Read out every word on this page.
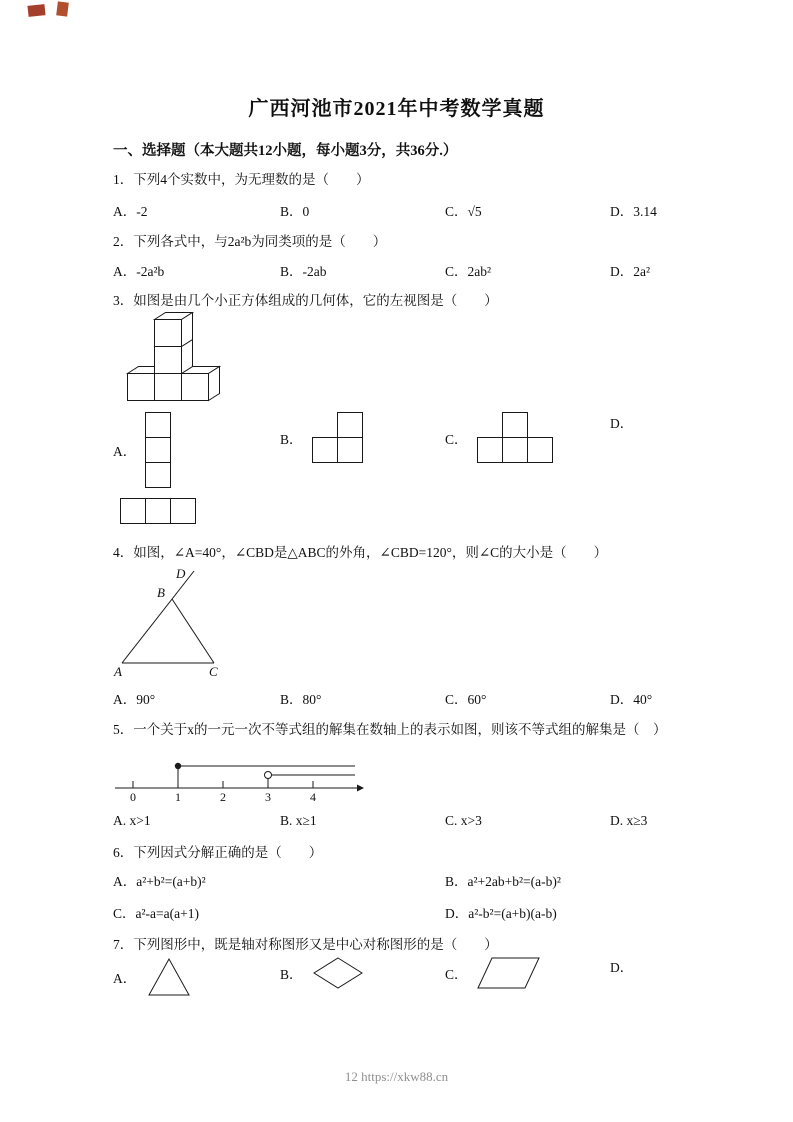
广西河池市2021年中考数学真题
一、选择题（本大题共12小题，每小题3分，共36分.）
1．下列4个实数中，为无理数的是（　　）
A．-2	B．0	C．√5	D．3.14
2．下列各式中，与2a²b为同类项的是（　　）
A．-2a²b	B．-2ab	C．2ab²	D．2a²
3．如图是由几个小正方体组成的几何体，它的左视图是（　　）
A．
B．	C．
D．
4．如图，∠A=40°，∠CBD是△ABC的外角，∠CBD=120°，则∠C的大小是（　　）
A	C
B
D
A．90°	B．80°	C．60°	D．40°
5．一个关于x的一元一次不等式组的解集在数轴上的表示如图，则该不等式组的解集是（　）
0	1	2	3	4
A. x>1	B. x≥1	C. x>3	D. x≥3
6．下列因式分解正确的是（　　）
A．a²+b²=(a+b)²	B．a²+2ab+b²=(a-b)²
C．a²-a=a(a+1)	D．a²-b²=(a+b)(a-b)
7．下列图形中，既是轴对称图形又是中心对称图形的是（　　）
A．	B．	C．	D．
12 https://xkw88.cn
